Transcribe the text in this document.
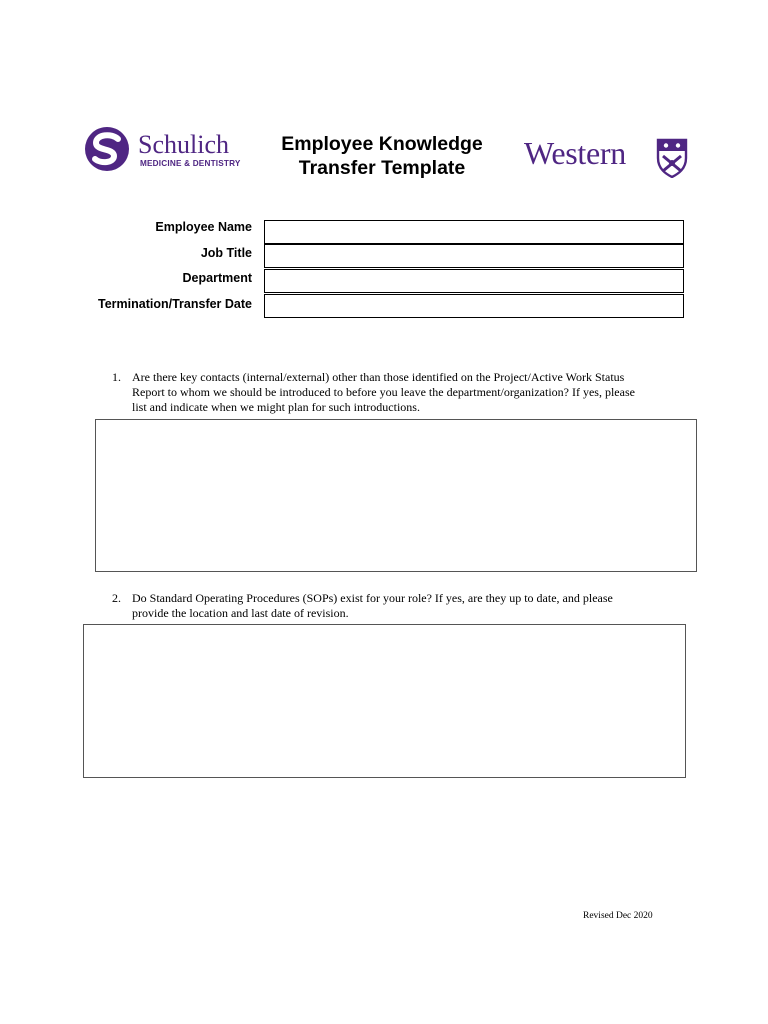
Schulich
MEDICINE & DENTISTRY
Employee Knowledge
Transfer Template	Western
Employee Name
Job Title
Department
Termination/Transfer Date
1. Are there key contacts (internal/external) other than those identified on the Project/Active Work Status
Report to whom we should be introduced to before you leave the department/organization? If yes, please
list and indicate when we might plan for such introductions.
2. Do Standard Operating Procedures (SOPs) exist for your role? If yes, are they up to date, and please
provide the location and last date of revision.
Revised Dec 2020
